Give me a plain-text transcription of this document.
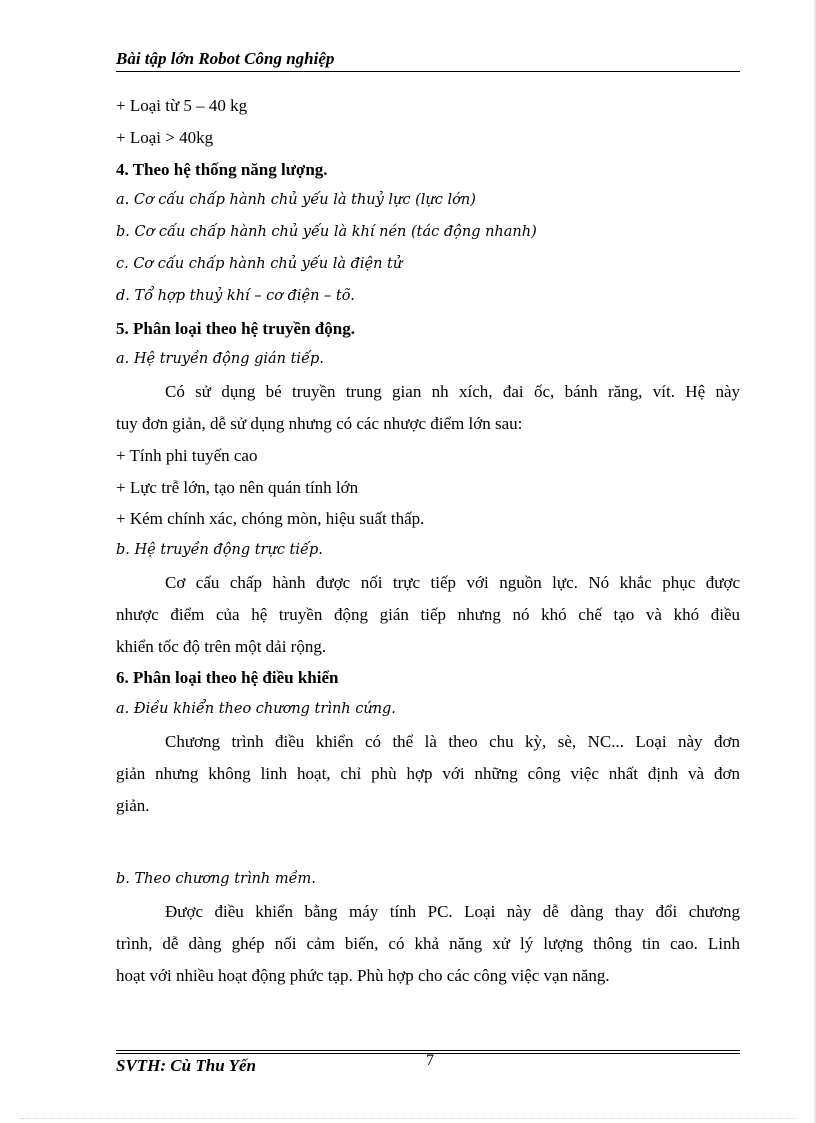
Bài tập lớn Robot Công nghiệp

+ Loại từ 5 – 40 kg

+ Loại > 40kg

4. Theo hệ thống năng lượng.

a. Cơ cấu chấp hành chủ yếu là thuỷ lực (lực lớn)

b. Cơ cấu chấp hành chủ yếu là khí nén (tác động nhanh)

c. Cơ cấu chấp hành chủ yếu là điện tử

d. Tổ hợp thuỷ khí – cơ điện – tõ.

5. Phân loại theo hệ truyền động.

a. Hệ truyền động gián tiếp.

Có sử dụng bé truyền trung gian nh xích, đai ốc, bánh răng, vít. Hệ này
tuy đơn giản, dễ sử dụng nhưng có các nhược điểm lớn sau:

+ Tính phi tuyến cao

+ Lực trễ lớn, tạo nên quán tính lớn

+ Kém chính xác, chóng mòn, hiệu suất thấp.

b. Hệ truyền động trực tiếp.

Cơ cấu chấp hành được nối trực tiếp với nguồn lực. Nó khắc phục được
nhược điểm của hệ truyền động gián tiếp nhưng nó khó chế tạo và khó điều
khiển tốc độ trên một dải rộng.

6. Phân loại theo hệ điều khiển

a. Điều khiển theo chương trình cứng.

Chương trình điều khiển có thể là theo chu kỳ, sè, NC... Loại này đơn
giản nhưng không linh hoạt, chỉ phù hợp với những công việc nhất định và đơn
giản.

b. Theo chương trình mềm.

Được điều khiển bằng máy tính PC. Loại này dễ dàng thay đổi chương
trình, dễ dàng ghép nối cảm biến, có khả năng xử lý lượng thông tin cao. Linh
hoạt với nhiều hoạt động phức tạp. Phù hợp cho các công việc vạn năng.
SVTH: Cù Thu Yến	7
